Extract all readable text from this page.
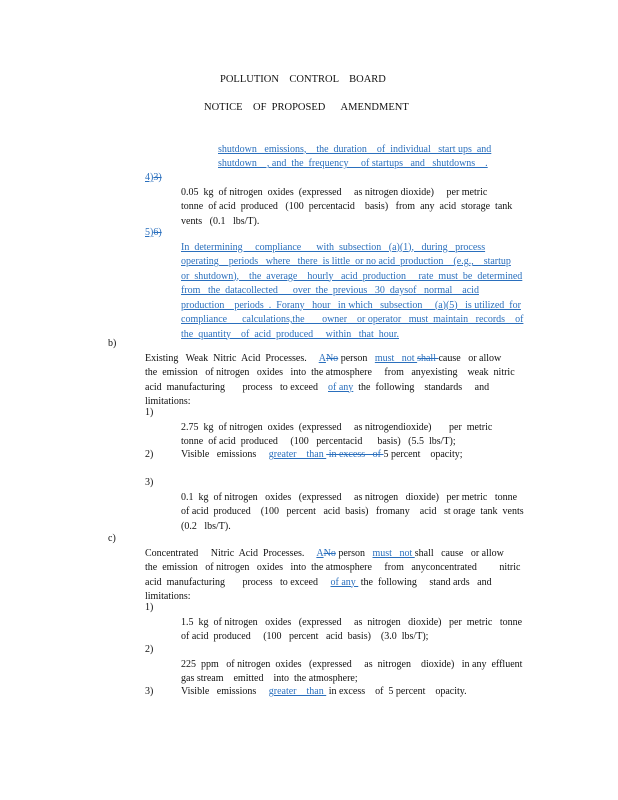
POLLUTION    CONTROL    BOARD
NOTICE    OF  PROPOSED      AMENDMENT

shutdown   emissions,    the  duration    of  individual   start ups  and
shutdown    , and  the  frequency     of startups   and   shutdowns    .
4)3)

0.05  kg  of nitrogen  oxides  (expressed     as nitrogen dioxide)     per metric
tonne  of acid  produced   (100  percentacid    basis)   from  any  acid  storage  tank
vents   (0.1   lbs/T).
5)6)

In  determining     compliance      with  subsection   (a)(1),   during   process
operating    periods   where   there  is little  or no acid  production    (e.g.,    startup
or  shutdown),    the  average    hourly   acid  production     rate  must  be  determined
from   the  datacollected      over  the  previous   30  daysof   normal    acid
production    periods  .  Forany   hour   in which   subsection     (a)(5)   is utilized  for
compliance      calculations,the       owner    or operator   must  maintain   records    of
the  quantity    of  acid  produced     within   that  hour.
b)

Existing   Weak  Nitric  Acid  Processes.     ANo person   must   not shall cause   or allow
the  emission   of nitrogen   oxides   into  the atmosphere     from   anyexisting    weak  nitric
acid  manufacturing       process   to exceed    of any  the  following    standards     and
limitations:
1)

2.75  kg  of nitrogen  oxides  (expressed     as nitrogendioxide)       per  metric
tonne  of acid  produced     (100   percentacid      basis)   (5.5  lbs/T);
2)	Visible   emissions     greater    than  in excess   of 5 percent    opacity;
3)

0.1  kg  of nitrogen   oxides   (expressed     as nitrogen   dioxide)   per metric   tonne
of acid  produced    (100   percent   acid  basis)   fromany    acid   st orage  tank  vents
(0.2   lbs/T).
c)

Concentrated     Nitric  Acid  Processes.     ANo person   must   not shall   cause   or allow
the  emission   of nitrogen   oxides   into  the atmosphere     from   anyconcentrated         nitric
acid  manufacturing       process   to exceed     of any  the  following     stand ards   and
limitations:
1)

1.5  kg  of nitrogen   oxides   (expressed     as  nitrogen   dioxide)   per  metric   tonne
of acid  produced     (100   percent   acid  basis)    (3.0  lbs/T);
2)

225  ppm   of nitrogen  oxides   (expressed     as  nitrogen    dioxide)   in any  effluent
gas stream    emitted    into  the atmosphere;
3)	Visible   emissions     greater    than  in excess    of  5 percent    opacity.
